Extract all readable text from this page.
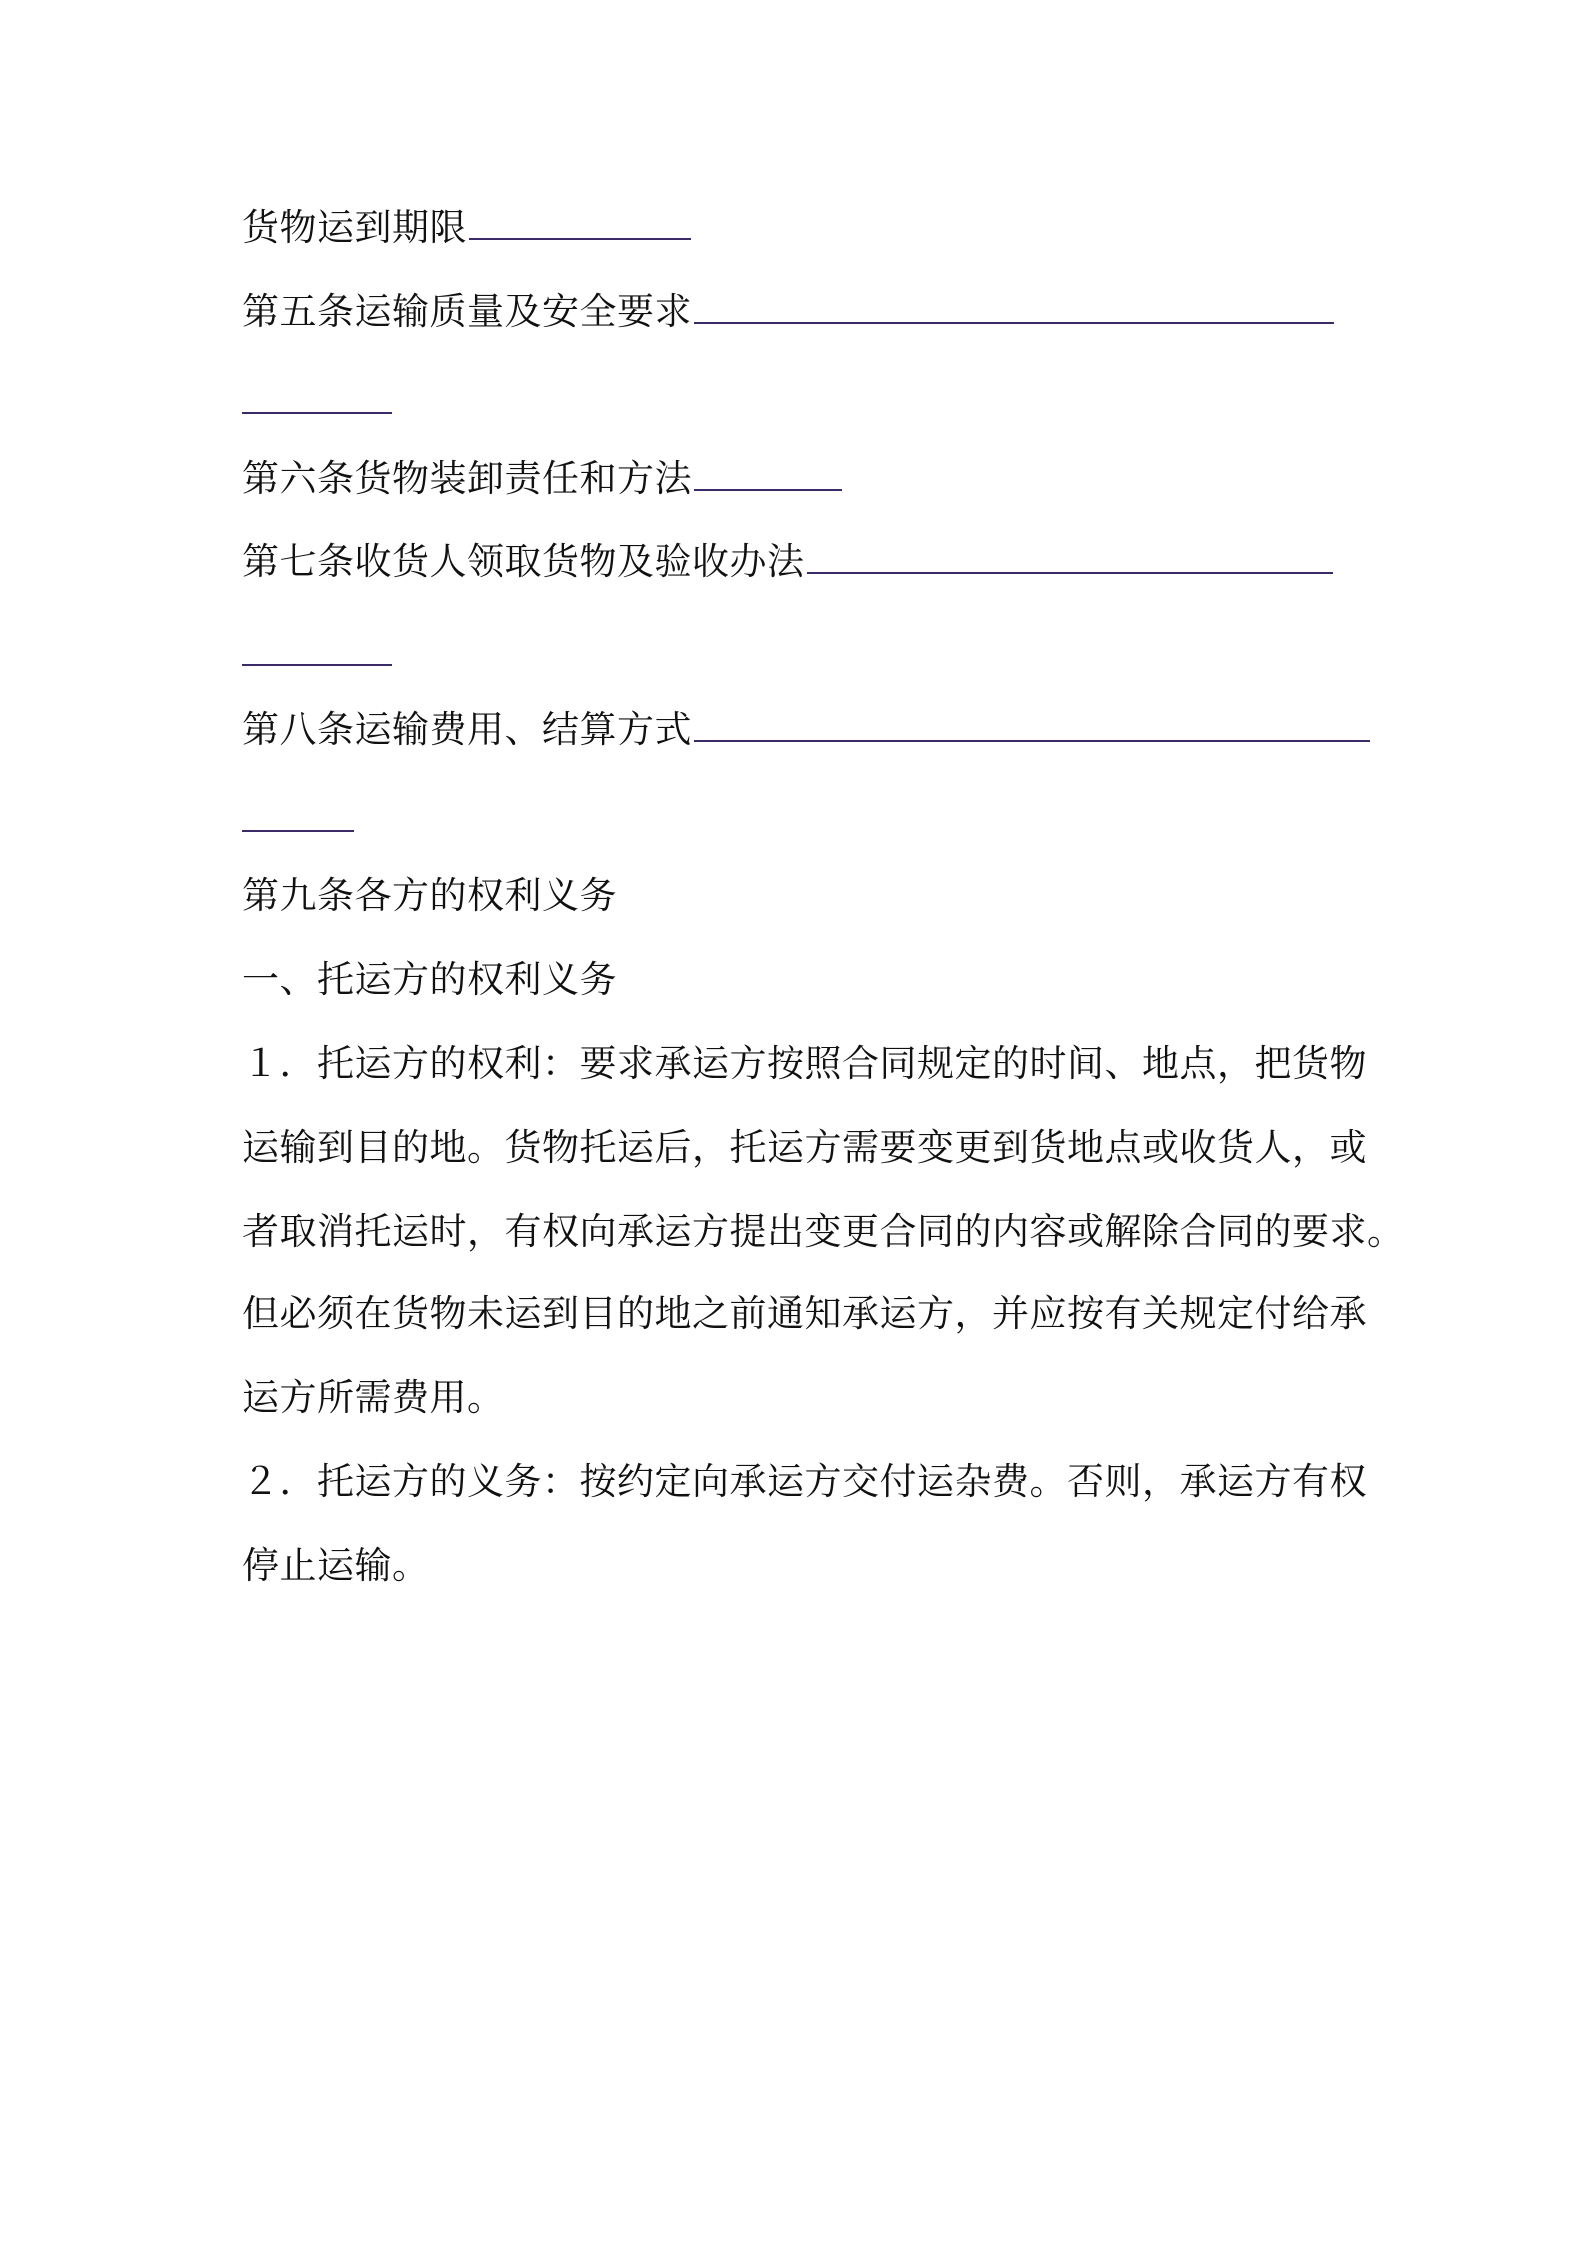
货物运到期限
第五条运输质量及安全要求
第六条货物装卸责任和方法
第七条收货人领取货物及验收办法
第八条运输费用、结算方式
第九条各方的权利义务
一、托运方的权利义务
１．托运方的权利：要求承运方按照合同规定的时间、地点，把货物
运输到目的地。货物托运后，托运方需要变更到货地点或收货人，或
者取消托运时，有权向承运方提出变更合同的内容或解除合同的要求。
但必须在货物未运到目的地之前通知承运方，并应按有关规定付给承
运方所需费用。
２．托运方的义务：按约定向承运方交付运杂费。否则，承运方有权
停止运输。
